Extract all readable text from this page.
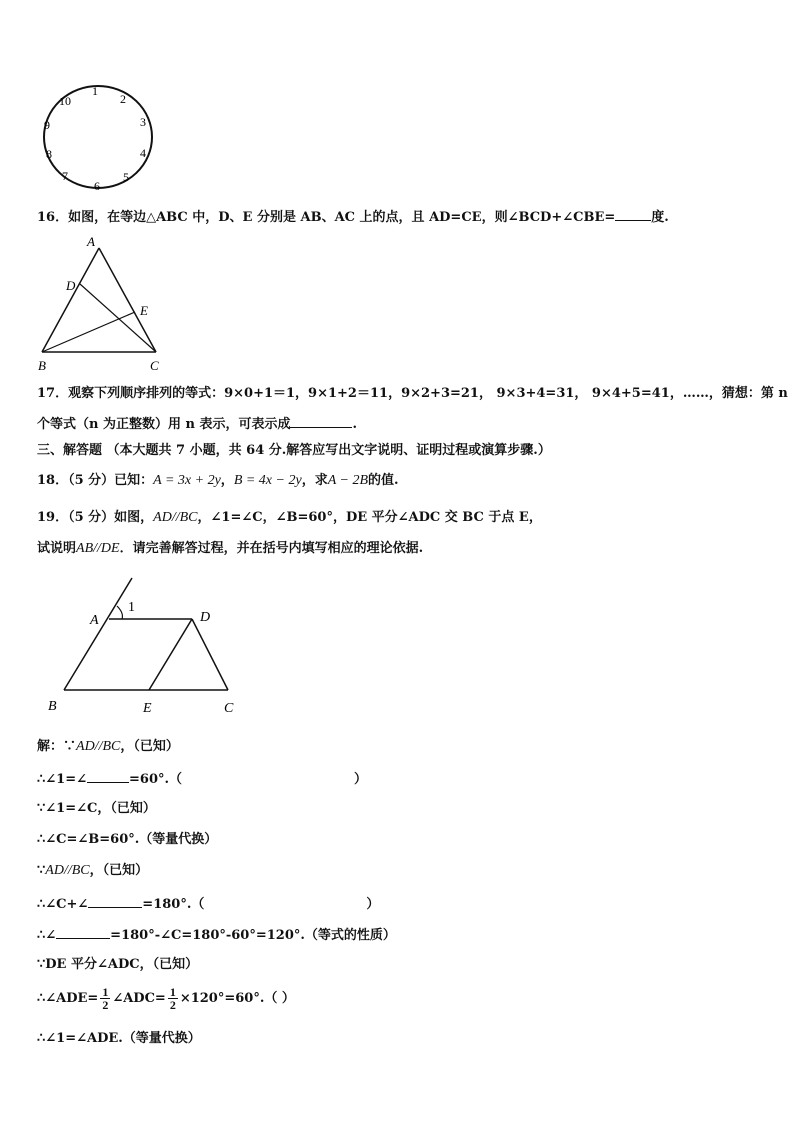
1
2
3
4
5
6
7
8
9
10
16．如图，在等边△ABC 中，D、E 分别是 AB、AC 上的点，且 AD=CE，则∠BCD+∠CBE=	度.
A
D
E
B	C
17．观察下列顺序排列的等式：9×0+1＝1，9×1+2＝11，9×2+3=21， 9×3+4=31， 9×4+5=41，……，猜想：第 n
个等式（n 为正整数）用 n 表示，可表示成	.
三、解答题 （本大题共 7 小题，共 64 分.解答应写出文字说明、证明过程或演算步骤.）
18．（5 分）已知：A = 3x + 2y，B = 4x − 2y，求A − 2B的值.
19．（5 分）如图，AD//BC，∠1=∠C，∠B=60°，DE 平分∠ADC 交 BC 于点 E，
试说明AB//DE．请完善解答过程，并在括号内填写相应的理论依据.
1
A	D
B	E	C
解：∵AD//BC，（已知）
∴∠1=∠	=60°.（	）
∵∠1=∠C，（已知）
∴∠C=∠B=60°.（等量代换）
∵AD//BC，（已知）
∴∠C+∠	=180°.（	）
∴∠	=180°-∠C=180°-60°=120°.（等式的性质）
∵DE 平分∠ADC，（已知）
∴∠ADE= $\frac{1}{2}$ ∠ADC= $\frac{1}{2} \times 120^\circ=60^\circ$.（ ）
∴∠1=∠ADE.（等量代换）
